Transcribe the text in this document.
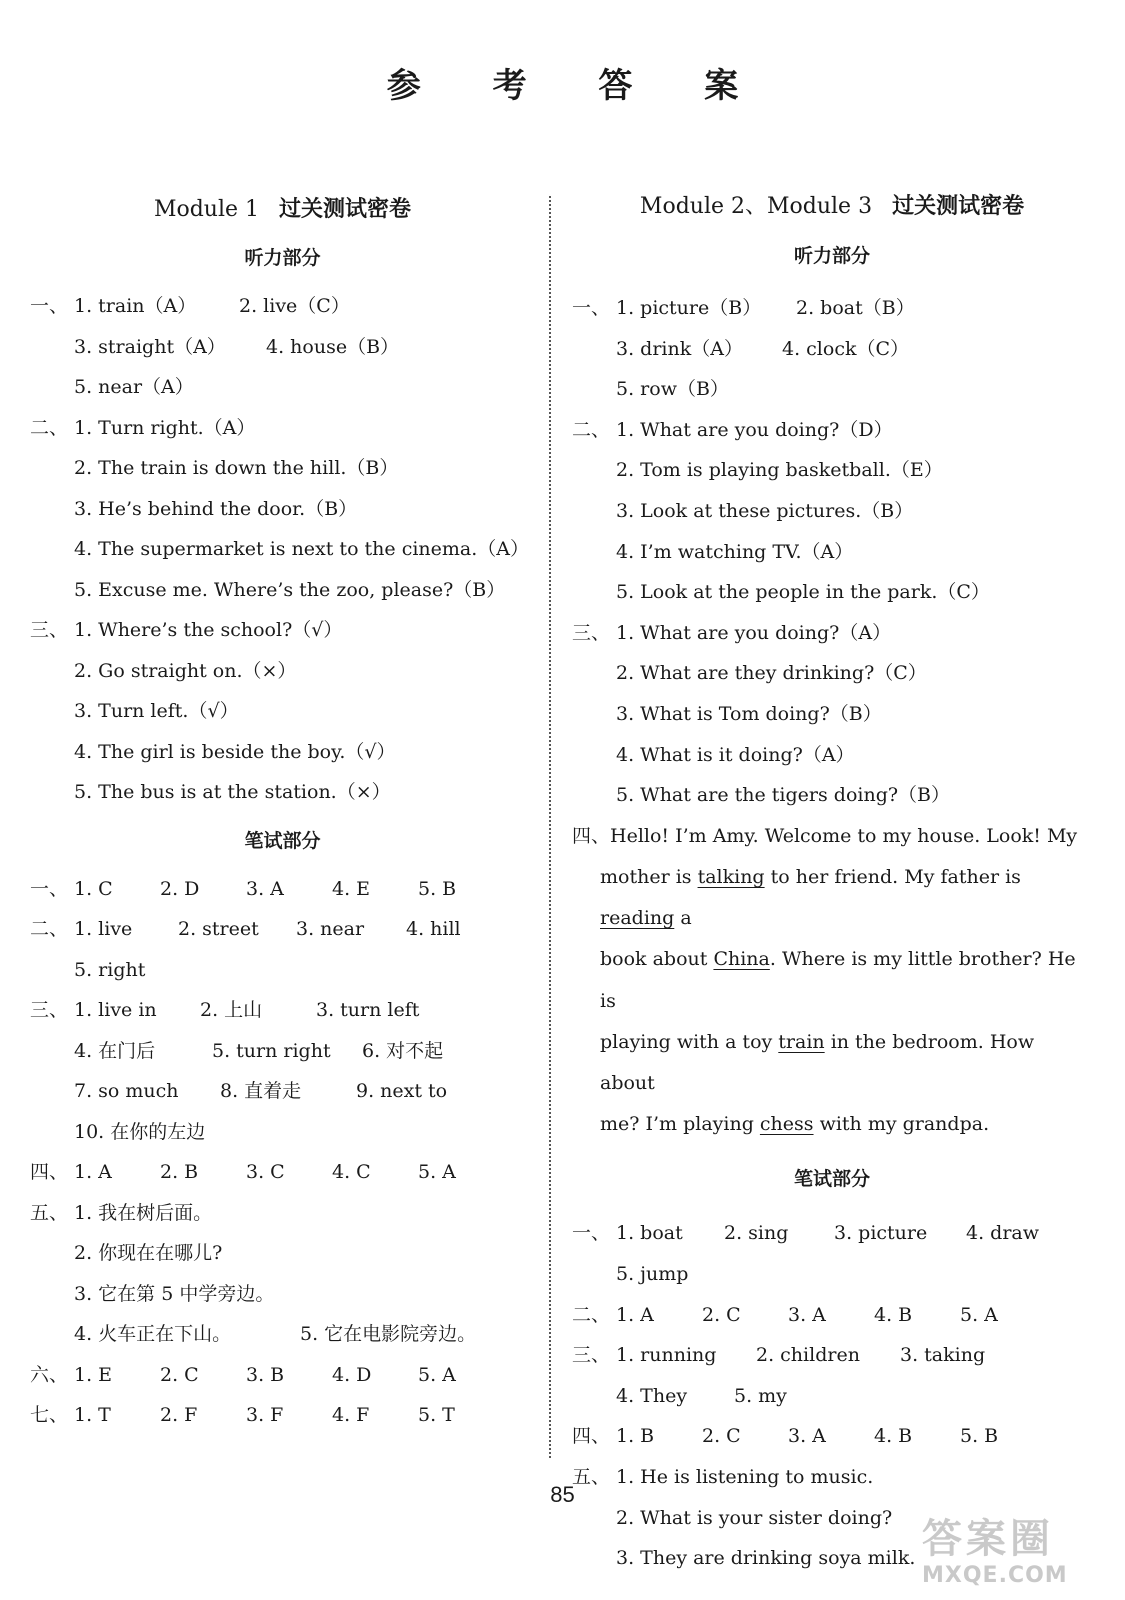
参 考 答 案
Module 1 过关测试密卷
听力部分
一、 1. train（A）	2. live（C）
3. straight（A）	4. house（B）
5. near（A）
二、 1. Turn right.（A）
2. The train is down the hill.（B）
3. He’s behind the door.（B）
4. The supermarket is next to the cinema.（A）
5. Excuse me. Where’s the zoo, please?（B）
三、 1. Where’s the school?（√）
2. Go straight on.（×）
3. Turn left.（√）
4. The girl is beside the boy.（√）
5. The bus is at the station.（×）
笔试部分
一、 1. C	2. D	3. A	4. E	5. B
二、 1. live	2. street	3. near	4. hill
5. right
三、 1. live in	2. 上山	3. turn left
4. 在门后	5. turn right	6. 对不起
7. so much	8. 直着走	9. next to
10. 在你的左边
四、 1. A	2. B	3. C	4. C	5. A
五、 1. 我在树后面。
2. 你现在在哪儿?
3. 它在第 5 中学旁边。
4. 火车正在下山。	5. 它在电影院旁边。
六、 1. E	2. C	3. B	4. D	5. A
七、 1. T	2. F	3. F	4. F	5. T
Module 2、Module 3 过关测试密卷
听力部分
一、 1. picture（B）	2. boat（B）
3. drink（A）	4. clock（C）
5. row（B）
二、 1. What are you doing?（D）
2. Tom is playing basketball.（E）
3. Look at these pictures.（B）
4. I’m watching TV.（A）
5. Look at the people in the park.（C）
三、 1. What are you doing?（A）
2. What are they drinking?（C）
3. What is Tom doing?（B）
4. What is it doing?（A）
5. What are the tigers doing?（B）
四、Hello! I’m Amy. Welcome to my house. Look! My
mother is talking to her friend. My father is reading a
book about China. Where is my little brother? He is
playing with a toy train in the bedroom. How about
me? I’m playing chess with my grandpa.
笔试部分
一、 1. boat	2. sing	3. picture	4. draw
5. jump
二、 1. A	2. C	3. A	4. B	5. A
三、 1. running	2. children	3. taking
4. They	5. my
四、 1. B	2. C	3. A	4. B	5. B
五、 1. He is listening to music.
2. What is your sister doing?
3. They are drinking soya milk.
85
答案圈
MXQE.COM
